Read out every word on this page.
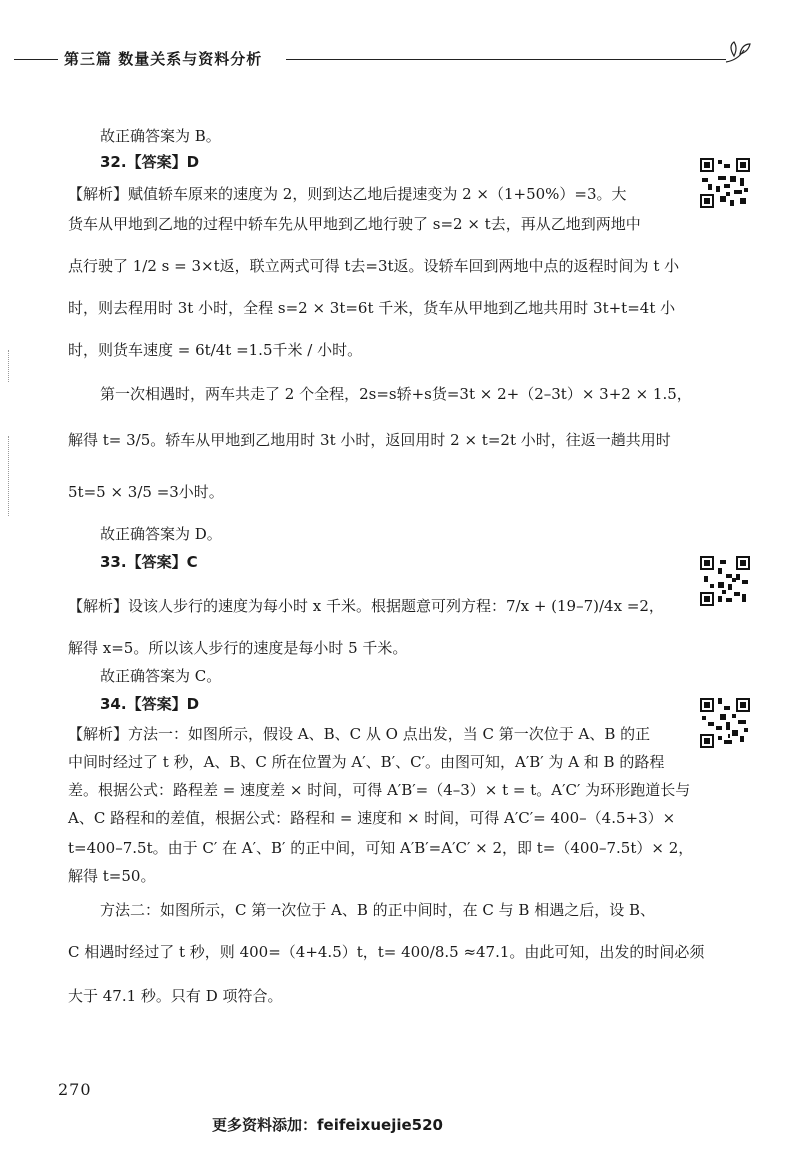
第三篇 数量关系与资料分析

故正确答案为 B。

32.【答案】D

【解析】赋值轿车原来的速度为 2，则到达乙地后提速变为 2 ×（1+50%）=3。大

货车从甲地到乙地的过程中轿车先从甲地到乙地行驶了 s=2 × t去，再从乙地到两地中

点行驶了 1/2 s = 3×t返，联立两式可得 t去=3t返。设轿车回到两地中点的返程时间为 t 小

时，则去程用时 3t 小时，全程 s=2 × 3t=6t 千米，货车从甲地到乙地共用时 3t+t=4t 小

时，则货车速度 = 6t/4t =1.5千米 / 小时。

第一次相遇时，两车共走了 2 个全程，2s=s轿+s货=3t × 2+（2–3t）× 3+2 × 1.5，

解得 t= 3/5。轿车从甲地到乙地用时 3t 小时，返回用时 2 × t=2t 小时，往返一趟共用时

5t=5 × 3/5 =3小时。

故正确答案为 D。

33.【答案】C

【解析】设该人步行的速度为每小时 x 千米。根据题意可列方程：7/x + (19–7)/4x =2，

解得 x=5。所以该人步行的速度是每小时 5 千米。

故正确答案为 C。

34.【答案】D

【解析】方法一：如图所示，假设 A、B、C 从 O 点出发，当 C 第一次位于 A、B 的正

中间时经过了 t 秒，A、B、C 所在位置为 A′、B′、C′。由图可知，A′B′ 为 A 和 B 的路程

差。根据公式：路程差 = 速度差 × 时间，可得 A′B′=（4–3）× t = t。A′C′ 为环形跑道长与

A、C 路程和的差值，根据公式：路程和 = 速度和 × 时间，可得 A′C′= 400–（4.5+3）×

t=400–7.5t。由于 C′ 在 A′、B′ 的正中间，可知 A′B′=A′C′ × 2，即 t=（400–7.5t）× 2，

解得 t=50。

方法二：如图所示，C 第一次位于 A、B 的正中间时，在 C 与 B 相遇之后，设 B、

C 相遇时经过了 t 秒，则 400=（4+4.5）t，t= 400/8.5 ≈47.1。由此可知，出发的时间必须

大于 47.1 秒。只有 D 项符合。

270
更多资料添加：feifeixuejie520
